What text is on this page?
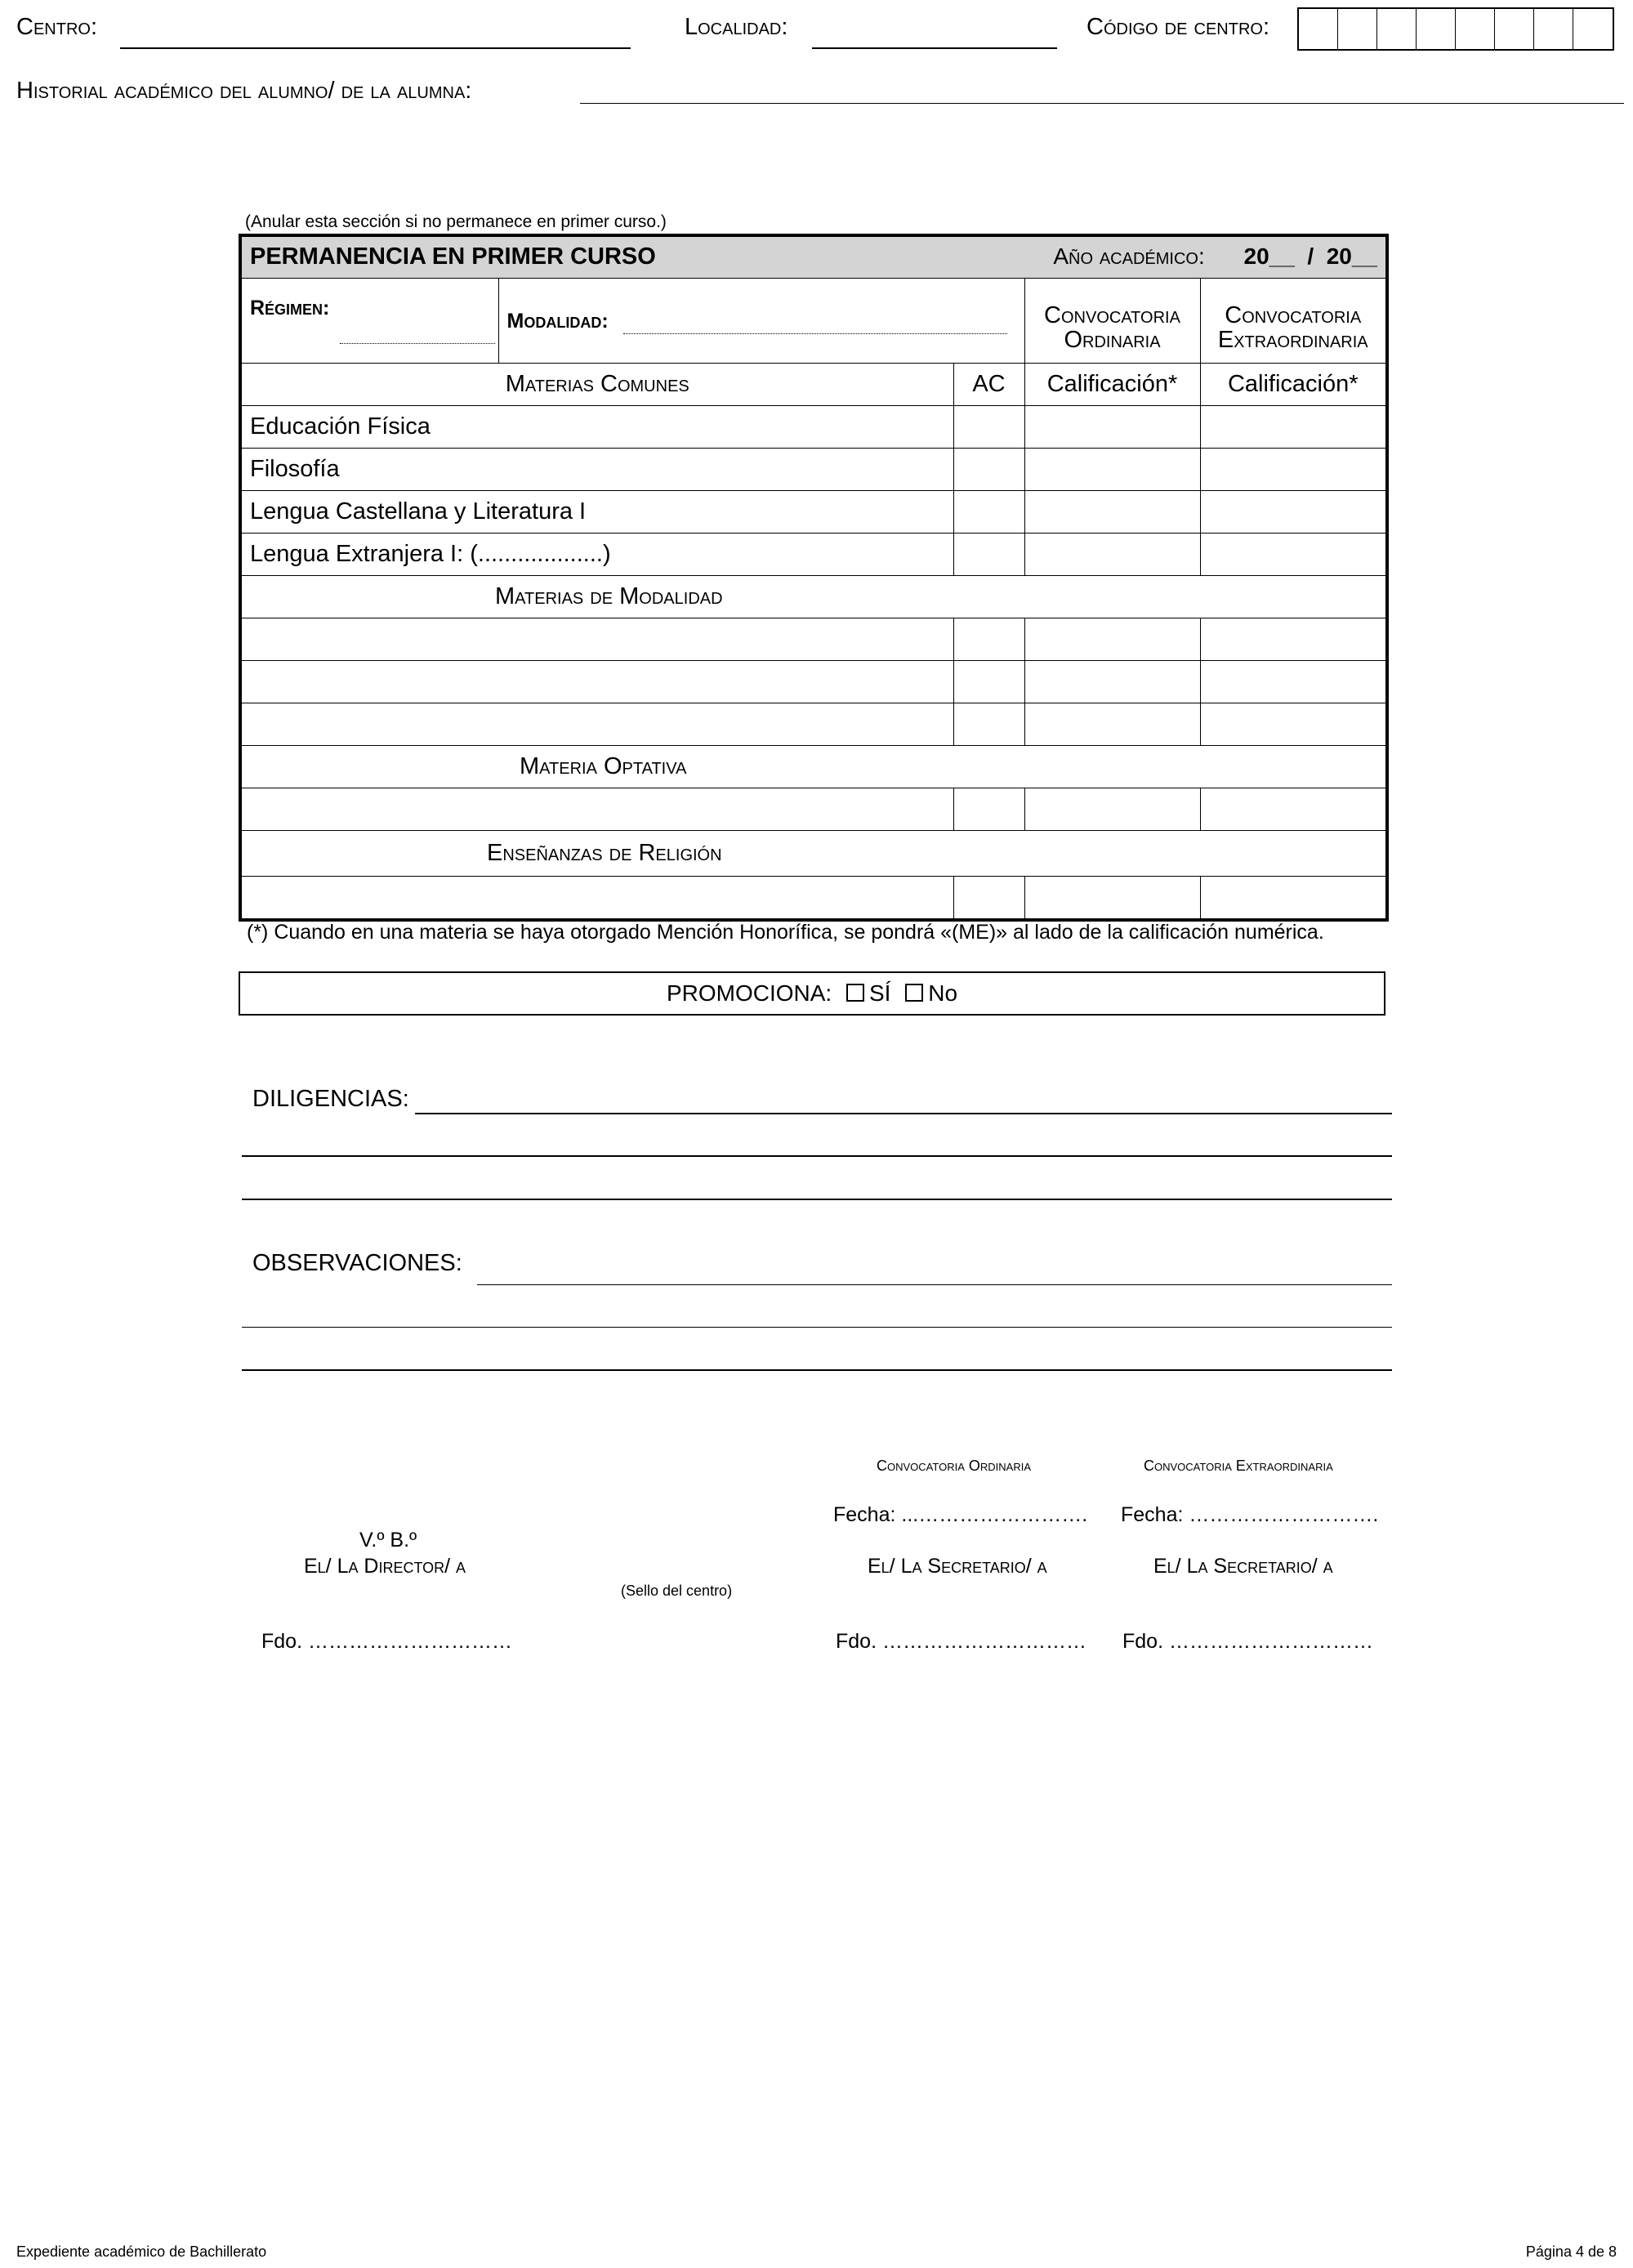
Centro:	Localidad:	Código de centro:
Historial académico del alumno/ de la alumna:
(Anular esta sección si no permanece en primer curso.)
PERMANENCIA EN PRIMER CURSO Año académico: 20__  /  20__				

Régimen:	Modalidad:		Convocatoria Ordinaria	Convocatoria Extraordinaria
Materias Comunes		AC	Calificación*	Calificación*
Educación Física				
Filosofía				
Lengua Castellana y Literatura I				
Lengua Extranjera I: (...................)				
Materias de Modalidad				

Materia Optativa				

Enseñanzas de Religión				

(*) Cuando en una materia se haya otorgado Mención Honorífica, se pondrá «(ME)» al lado de la calificación numérica.
PROMOCIONA: SÍ No
DILIGENCIAS:
OBSERVACIONES:
Convocatoria Ordinaria	Convocatoria Extraordinaria
Fecha: ...……………………. Fecha: ……………………….
V.º B.º
El/ La Director/ a	El/ La Secretario/ a	El/ La Secretario/ a
(Sello del centro)
Fdo. …………………………	Fdo. ………………………… Fdo. …………………………
Expediente académico de Bachillerato	Página 4 de 8
